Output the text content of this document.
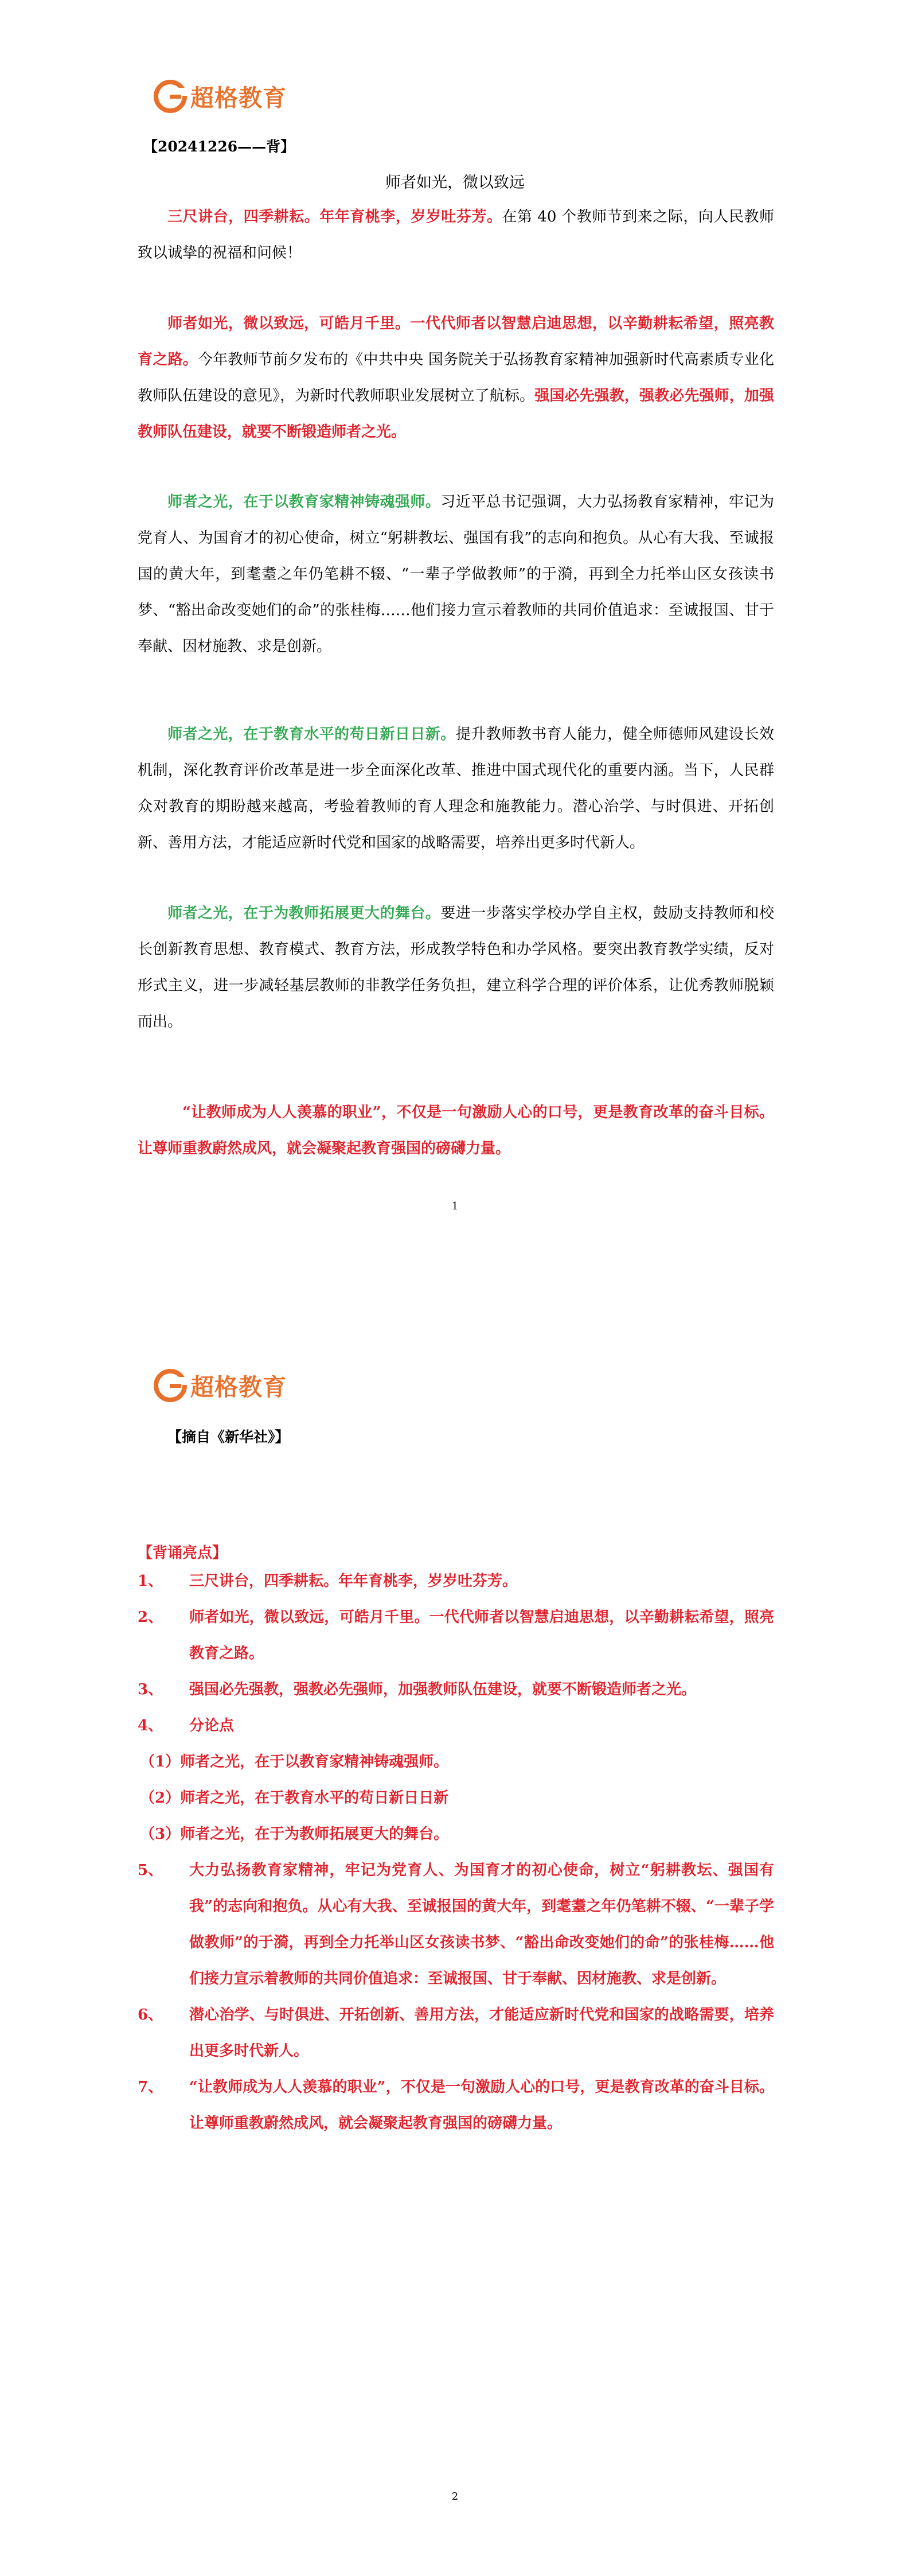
超格教育
【20241226——背】
师者如光，微以致远
三尺讲台，四季耕耘。年年育桃李，岁岁吐芬芳。在第 40 个教师节到来之际，向人民教师致以诚挚的祝福和问候！
师者如光，微以致远，可皓月千里。一代代师者以智慧启迪思想，以辛勤耕耘希望，照亮教育之路。今年教师节前夕发布的《中共中央 国务院关于弘扬教育家精神加强新时代高素质专业化教师队伍建设的意见》，为新时代教师职业发展树立了航标。强国必先强教，强教必先强师，加强教师队伍建设，就要不断锻造师者之光。
师者之光，在于以教育家精神铸魂强师。习近平总书记强调，大力弘扬教育家精神，牢记为党育人、为国育才的初心使命，树立“躬耕教坛、强国有我”的志向和抱负。从心有大我、至诚报国的黄大年，到耄耋之年仍笔耕不辍、“一辈子学做教师”的于漪，再到全力托举山区女孩读书梦、“豁出命改变她们的命”的张桂梅……他们接力宣示着教师的共同价值追求：至诚报国、甘于奉献、因材施教、求是创新。
师者之光，在于教育水平的苟日新日日新。提升教师教书育人能力，健全师德师风建设长效机制，深化教育评价改革是进一步全面深化改革、推进中国式现代化的重要内涵。当下，人民群众对教育的期盼越来越高，考验着教师的育人理念和施教能力。潜心治学、与时俱进、开拓创新、善用方法，才能适应新时代党和国家的战略需要，培养出更多时代新人。
师者之光，在于为教师拓展更大的舞台。要进一步落实学校办学自主权，鼓励支持教师和校长创新教育思想、教育模式、教育方法，形成教学特色和办学风格。要突出教育教学实绩，反对形式主义，进一步减轻基层教师的非教学任务负担，建立科学合理的评价体系，让优秀教师脱颖而出。
“让教师成为人人羡慕的职业”，不仅是一句激励人心的口号，更是教育改革的奋斗目标。让尊师重教蔚然成风，就会凝聚起教育强国的磅礴力量。
1
超格教育
【摘自《新华社》】
2
【背诵亮点】
1、	三尺讲台，四季耕耘。年年育桃李，岁岁吐芬芳。
2、	师者如光，微以致远，可皓月千里。一代代师者以智慧启迪思想，以辛勤耕耘希望，照亮教育之路。
3、	强国必先强教，强教必先强师，加强教师队伍建设，就要不断锻造师者之光。
4、	分论点
（1）师者之光，在于以教育家精神铸魂强师。
（2）师者之光，在于教育水平的苟日新日日新
（3）师者之光，在于为教师拓展更大的舞台。
5、	大力弘扬教育家精神，牢记为党育人、为国育才的初心使命，树立“躬耕教坛、强国有我”的志向和抱负。从心有大我、至诚报国的黄大年，到耄耋之年仍笔耕不辍、“一辈子学做教师”的于漪，再到全力托举山区女孩读书梦、“豁出命改变她们的命”的张桂梅……他们接力宣示着教师的共同价值追求：至诚报国、甘于奉献、因材施教、求是创新。
6、	潜心治学、与时俱进、开拓创新、善用方法，才能适应新时代党和国家的战略需要，培养出更多时代新人。
7、	“让教师成为人人羡慕的职业”，不仅是一句激励人心的口号，更是教育改革的奋斗目标。让尊师重教蔚然成风，就会凝聚起教育强国的磅礴力量。
